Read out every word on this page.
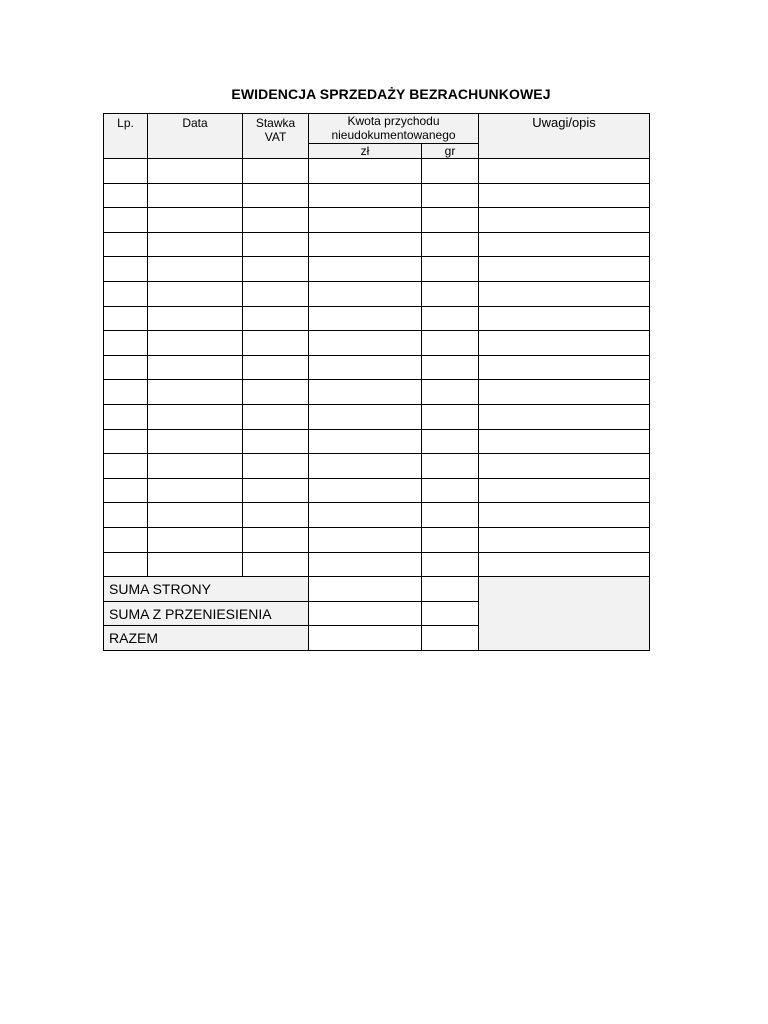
EWIDENCJA SPRZEDAŻY BEZRACHUNKOWEJ
Lp.	Data	Stawka VAT	Kwota przychodu nieudokumentowanego		Uwagi/opis
			zł	gr	

SUMA STRONY					
SUMA Z PRZENIESIENIA					
RAZEM					
